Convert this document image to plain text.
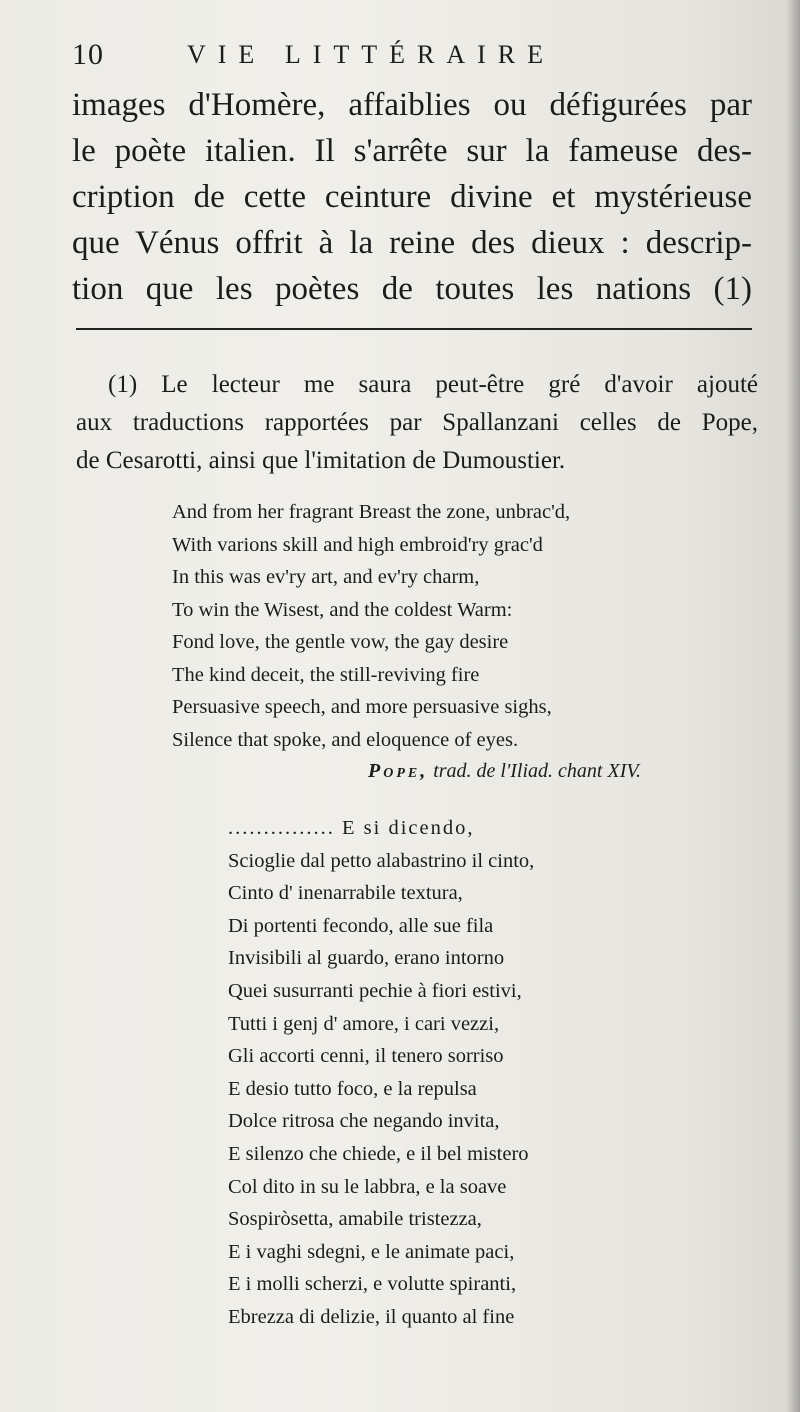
10	VIE LITTÉRAIRE
images d'Homère, affaiblies ou défigurées par
le poète italien. Il s'arrête sur la fameuse des-
cription de cette ceinture divine et mystérieuse
que Vénus offrit à la reine des dieux : descrip-
tion que les poètes de toutes les nations (1)
(1) Le lecteur me saura peut-être gré d'avoir ajouté
aux traductions rapportées par Spallanzani celles de Pope,
de Cesarotti, ainsi que l'imitation de Dumoustier.
And from her fragrant Breast the zone, unbrac'd,
With varions skill and high embroid'ry grac'd
In this was ev'ry art, and ev'ry charm,
To win the Wisest, and the coldest Warm:
Fond love, the gentle vow, the gay desire
The kind deceit, the still-reviving fire
Persuasive speech, and more persuasive sighs,
Silence that spoke, and eloquence of eyes.
Pope, trad. de l'Iliad. chant XIV.
............... E si dicendo,
Scioglie dal petto alabastrino il cinto,
Cinto d' inenarrabile textura,
Di portenti fecondo, alle sue fila
Invisibili al guardo, erano intorno
Quei susurranti pechie à fiori estivi,
Tutti i genj d' amore, i cari vezzi,
Gli accorti cenni, il tenero sorriso
E desio tutto foco, e la repulsa
Dolce ritrosa che negando invita,
E silenzo che chiede, e il bel mistero
Col dito in su le labbra, e la soave
Sospiròsetta, amabile tristezza,
E i vaghi sdegni, e le animate paci,
E i molli scherzi, e volutte spiranti,
Ebrezza di delizie, il quanto al fine
